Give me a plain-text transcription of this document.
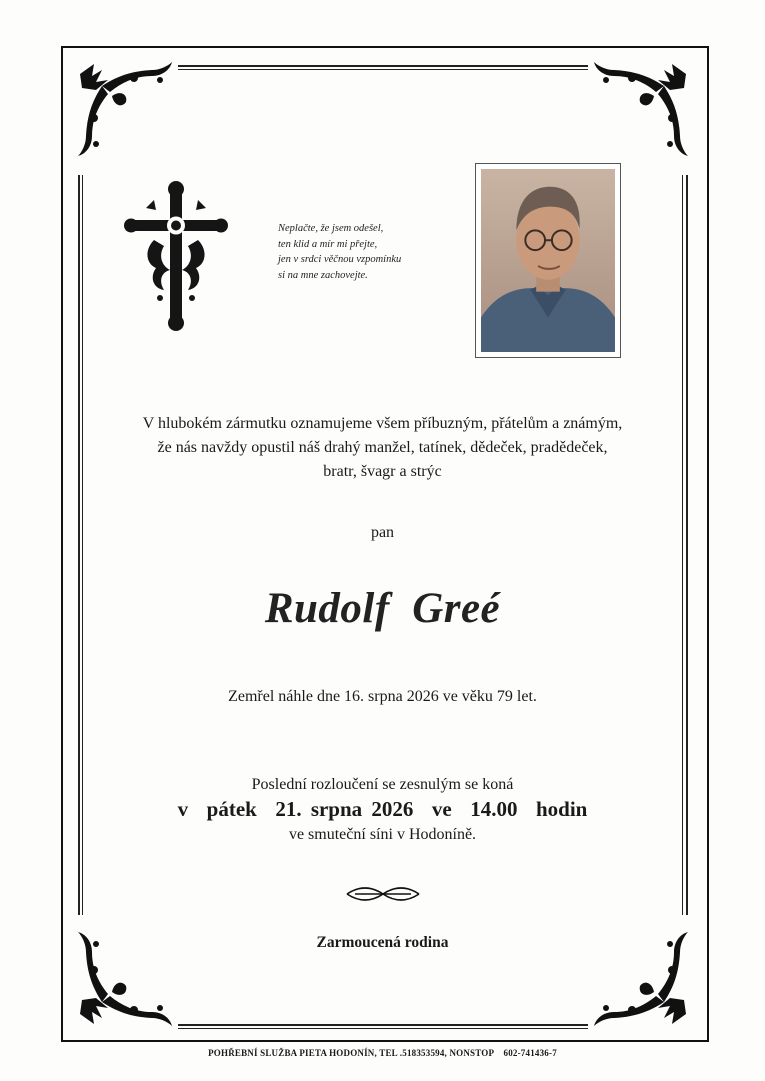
Neplačte, že jsem odešel,
ten klid a mír mi přejte,
jen v srdci věčnou vzpomínku
si na mne zachovejte.
V hlubokém zármutku oznamujeme všem příbuzným, přátelům a známým,
že nás navždy opustil náš drahý manžel, tatínek, dědeček, pradědeček,
bratr, švagr a strýc
pan
Rudolf  Greé
Zemřel náhle dne 16. srpna 2026 ve věku 79 let.
Poslední rozloučení se zesnulým se koná
v  pátek  21. srpna 2026  ve  14.00  hodin
ve smuteční síni v Hodoníně.
Zarmoucená rodina
POHŘEBNÍ SLUŽBA PIETA HODONÍN, TEL .518353594, NONSTOP    602-741436-7
